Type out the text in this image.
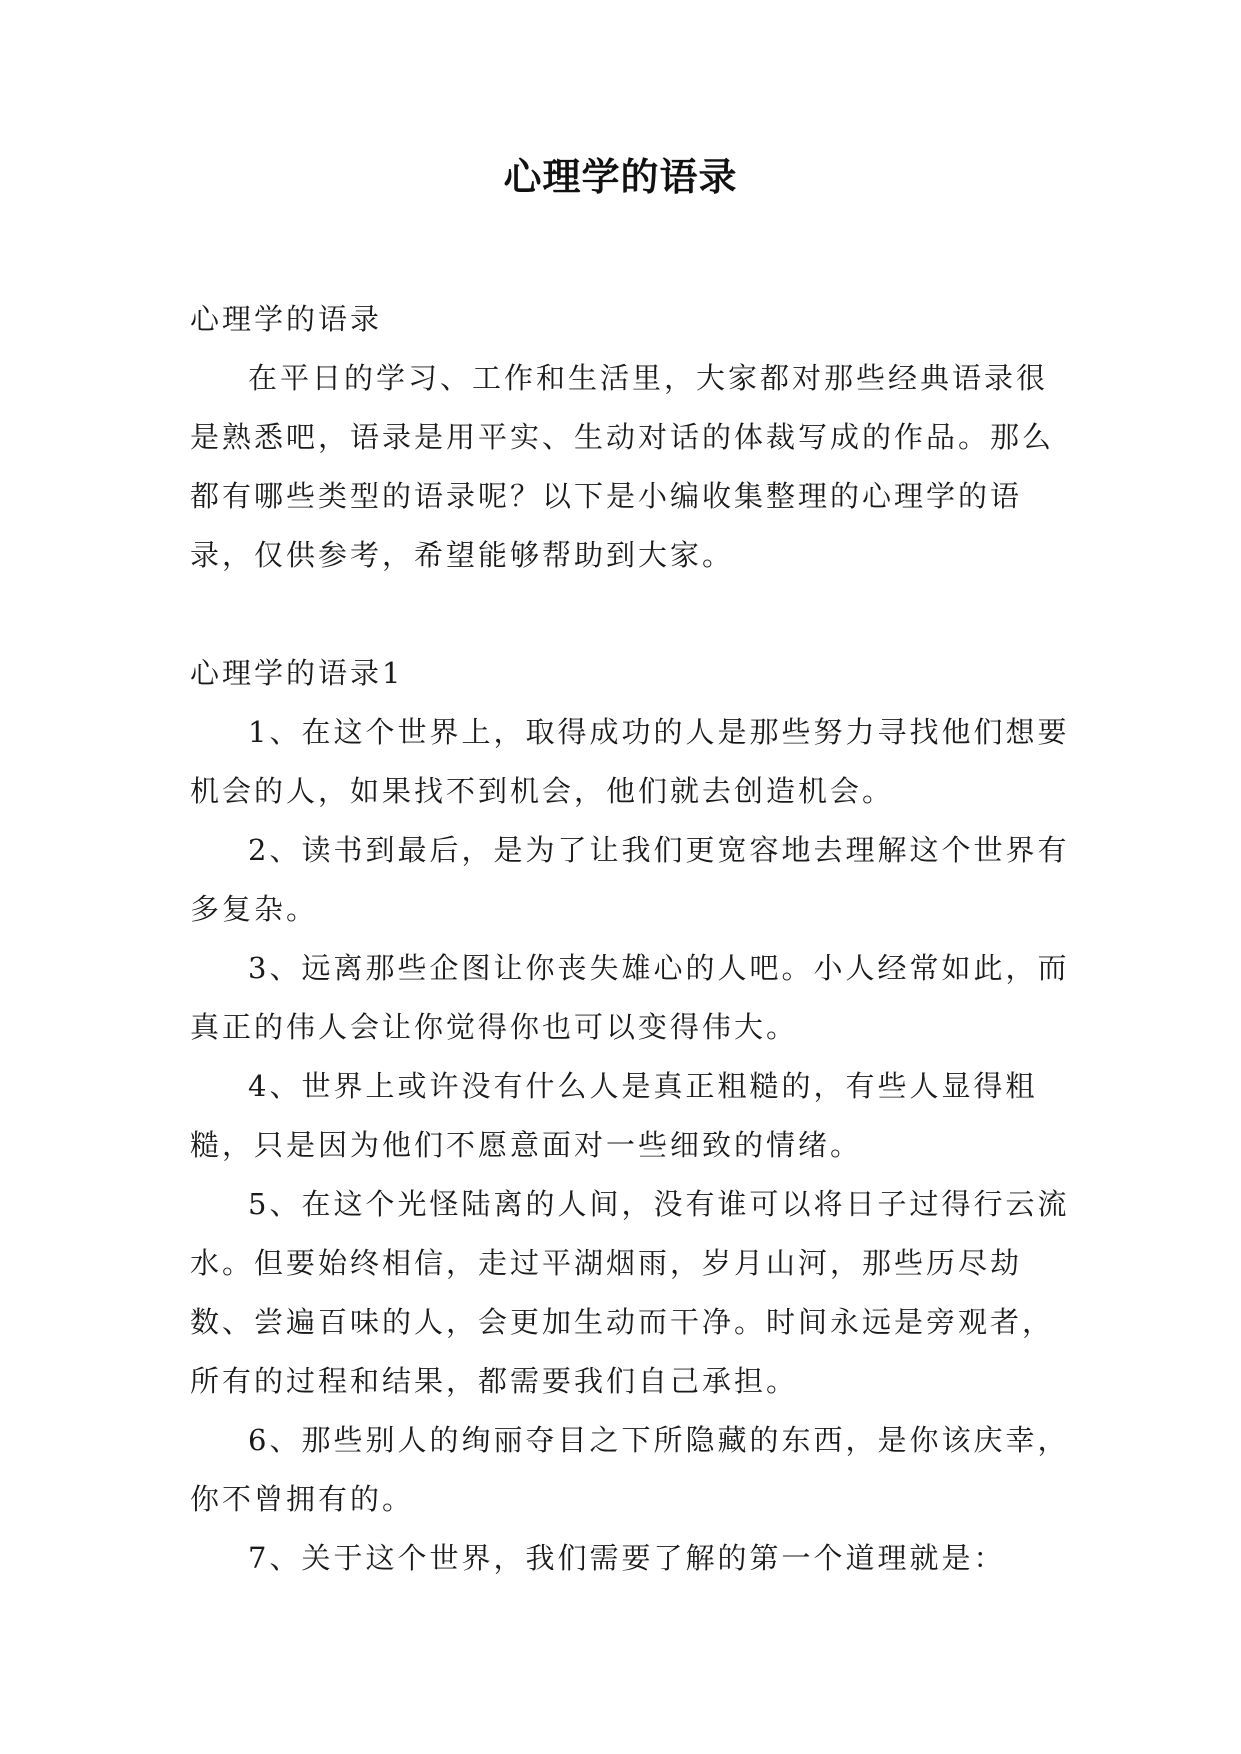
心理学的语录

心理学的语录

在平日的学习、工作和生活里，大家都对那些经典语录很是熟悉吧，语录是用平实、生动对话的体裁写成的作品。那么都有哪些类型的语录呢？以下是小编收集整理的心理学的语录，仅供参考，希望能够帮助到大家。

心理学的语录1

1、在这个世界上，取得成功的人是那些努力寻找他们想要机会的人，如果找不到机会，他们就去创造机会。

2、读书到最后，是为了让我们更宽容地去理解这个世界有多复杂。

3、远离那些企图让你丧失雄心的人吧。小人经常如此，而真正的伟人会让你觉得你也可以变得伟大。

4、世界上或许没有什么人是真正粗糙的，有些人显得粗糙，只是因为他们不愿意面对一些细致的情绪。

5、在这个光怪陆离的人间，没有谁可以将日子过得行云流水。但要始终相信，走过平湖烟雨，岁月山河，那些历尽劫数、尝遍百味的人，会更加生动而干净。时间永远是旁观者，所有的过程和结果，都需要我们自己承担。

6、那些别人的绚丽夺目之下所隐藏的东西，是你该庆幸，你不曾拥有的。

7、关于这个世界，我们需要了解的第一个道理就是：
